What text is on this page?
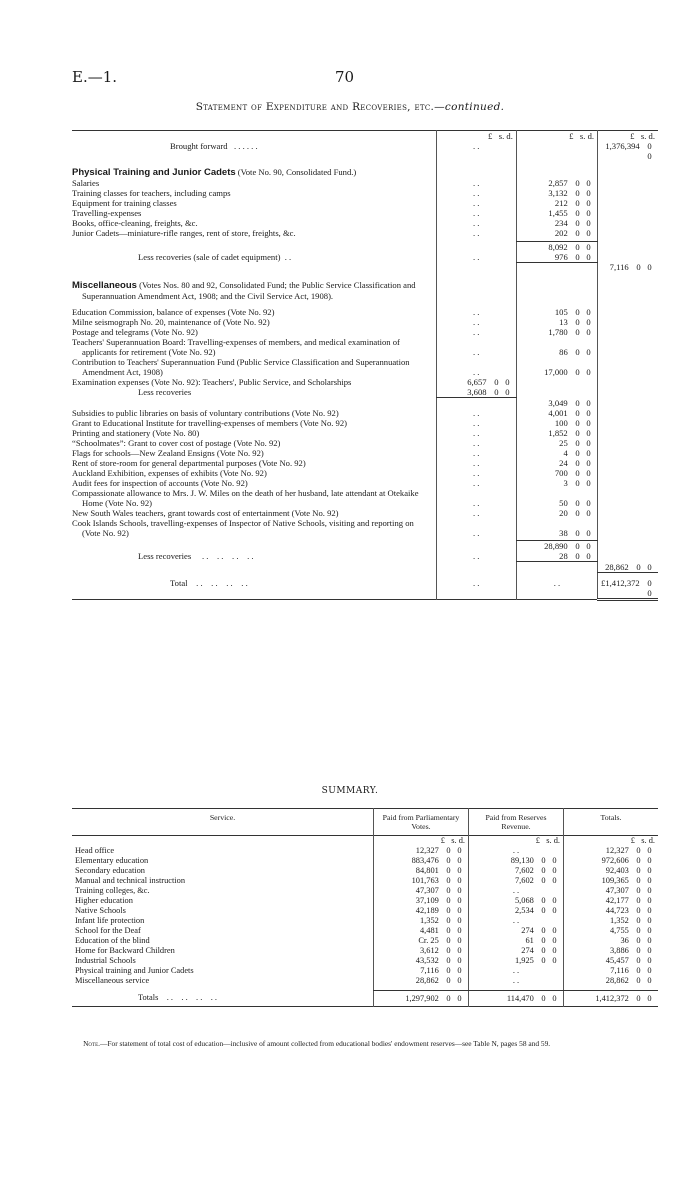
E.—1.	70
Statement of Expenditure and Recoveries, etc.—continued.
	£ s. d.	£ s. d.	£ s. d.
Brought forward . . . . . .	. .		1,376,394 00

Physical Training and Junior Cadets (Vote No. 90, Consolidated Fund.)			

Salaries	. .	2,857 0 0	

Training classes for teachers, including camps	. .	3,132 0 0	

Equipment for training classes	. .	212 0 0	

Travelling-expenses	. .	1,455 0 0	

Books, office-cleaning, freights, &c.	. .	234 0 0	

Junior Cadets—miniature-rifle ranges, rent of store, freights, &c.	. .	202 0 0	

		8,092 0 0	
Less recoveries (sale of cadet equipment) . .	. .	976 0 0	
			7,116 0 0

Miscellaneous (Votes Nos. 80 and 92, Consolidated Fund; the Public Service Classification and Superannuation Amendment Act, 1908; and the Civil Service Act, 1908).			

Education Commission, balance of expenses (Vote No. 92)	. .	105 0 0	

Milne seismograph No. 20, maintenance of (Vote No. 92)	. .	13 0 0	

Postage and telegrams (Vote No. 92)	. .	1,780 0 0	

Teachers' Superannuation Board: Travelling-expenses of members, and medical examination of applicants for retirement (Vote No. 92)	. .	86 0 0	

Contribution to Teachers' Superannuation Fund (Public Service Classification and Superannuation Amendment Act, 1908)	. .	17,000 0 0	

Examination expenses (Vote No. 92): Teachers', Public Service, and Scholarships	6,657 0 0		
Less recoveries	3,608 0 0		
		3,049 0 0	

Subsidies to public libraries on basis of voluntary contributions (Vote No. 92)	. .	4,001 0 0	

Grant to Educational Institute for travelling-expenses of members (Vote No. 92)	. .	100 0 0	

Printing and stationery (Vote No. 80)	. .	1,852 0 0	

“Schoolmates”: Grant to cover cost of postage (Vote No. 92)	. .	25 0 0	

Flags for schools—New Zealand Ensigns (Vote No. 92)	. .	4 0 0	

Rent of store-room for general departmental purposes (Vote No. 92)	. .	24 0 0	

Auckland Exhibition, expenses of exhibits (Vote No. 92)	. .	700 0 0	

Audit fees for inspection of accounts (Vote No. 92)	. .	3 0 0	

Compassionate allowance to Mrs. J. W. Miles on the death of her husband, late attendant at Otekaike Home (Vote No. 92)	. .	50 0 0	

New South Wales teachers, grant towards cost of entertainment (Vote No. 92)	. .	20 0 0	

Cook Islands Schools, travelling-expenses of Inspector of Native Schools, visiting and reporting on (Vote No. 92)	. .	38 0 0	

		28,890 0 0	
Less recoveries     . .    . .    . .    . .	. .	28 0 0	
			28,862 0 0

Total    . .    . .    . .    . .	. .	. .	£1,412,372 00
SUMMARY.
Service.	Paid from Parliamentary Votes.	Paid from Reserves Revenue.	Totals.
	£ s. d.	£ s. d.	£ s. d.
Head office	12,327 0 0	. .	12,327 0 0
Elementary education	883,476 0 0	89,130 0 0	972,606 0 0
Secondary education	84,801 0 0	7,602 0 0	92,403 0 0
Manual and technical instruction	101,763 0 0	7,602 0 0	109,365 0 0
Training colleges, &c.	47,307 0 0	. .	47,307 0 0
Higher education	37,109 0 0	5,068 0 0	42,177 0 0
Native Schools	42,189 0 0	2,534 0 0	44,723 0 0
Infant life protection	1,352 0 0	. .	1,352 0 0
School for the Deaf	4,481 0 0	274 0 0	4,755 0 0
Education of the blind	Cr. 25 0 0	61 0 0	36 0 0
Home for Backward Children	3,612 0 0	274 0 0	3,886 0 0
Industrial Schools	43,532 0 0	1,925 0 0	45,457 0 0
Physical training and Junior Cadets	7,116 0 0	. .	7,116 0 0
Miscellaneous service	28,862 0 0	. .	28,862 0 0

Totals    . .    . .    . .    . .	1,297,902 0 0	114,470 0 0	1,412,372 0 0
Note.—For statement of total cost of education—inclusive of amount collected from educational bodies' endowment reserves—see Table N, pages 58 and 59.
